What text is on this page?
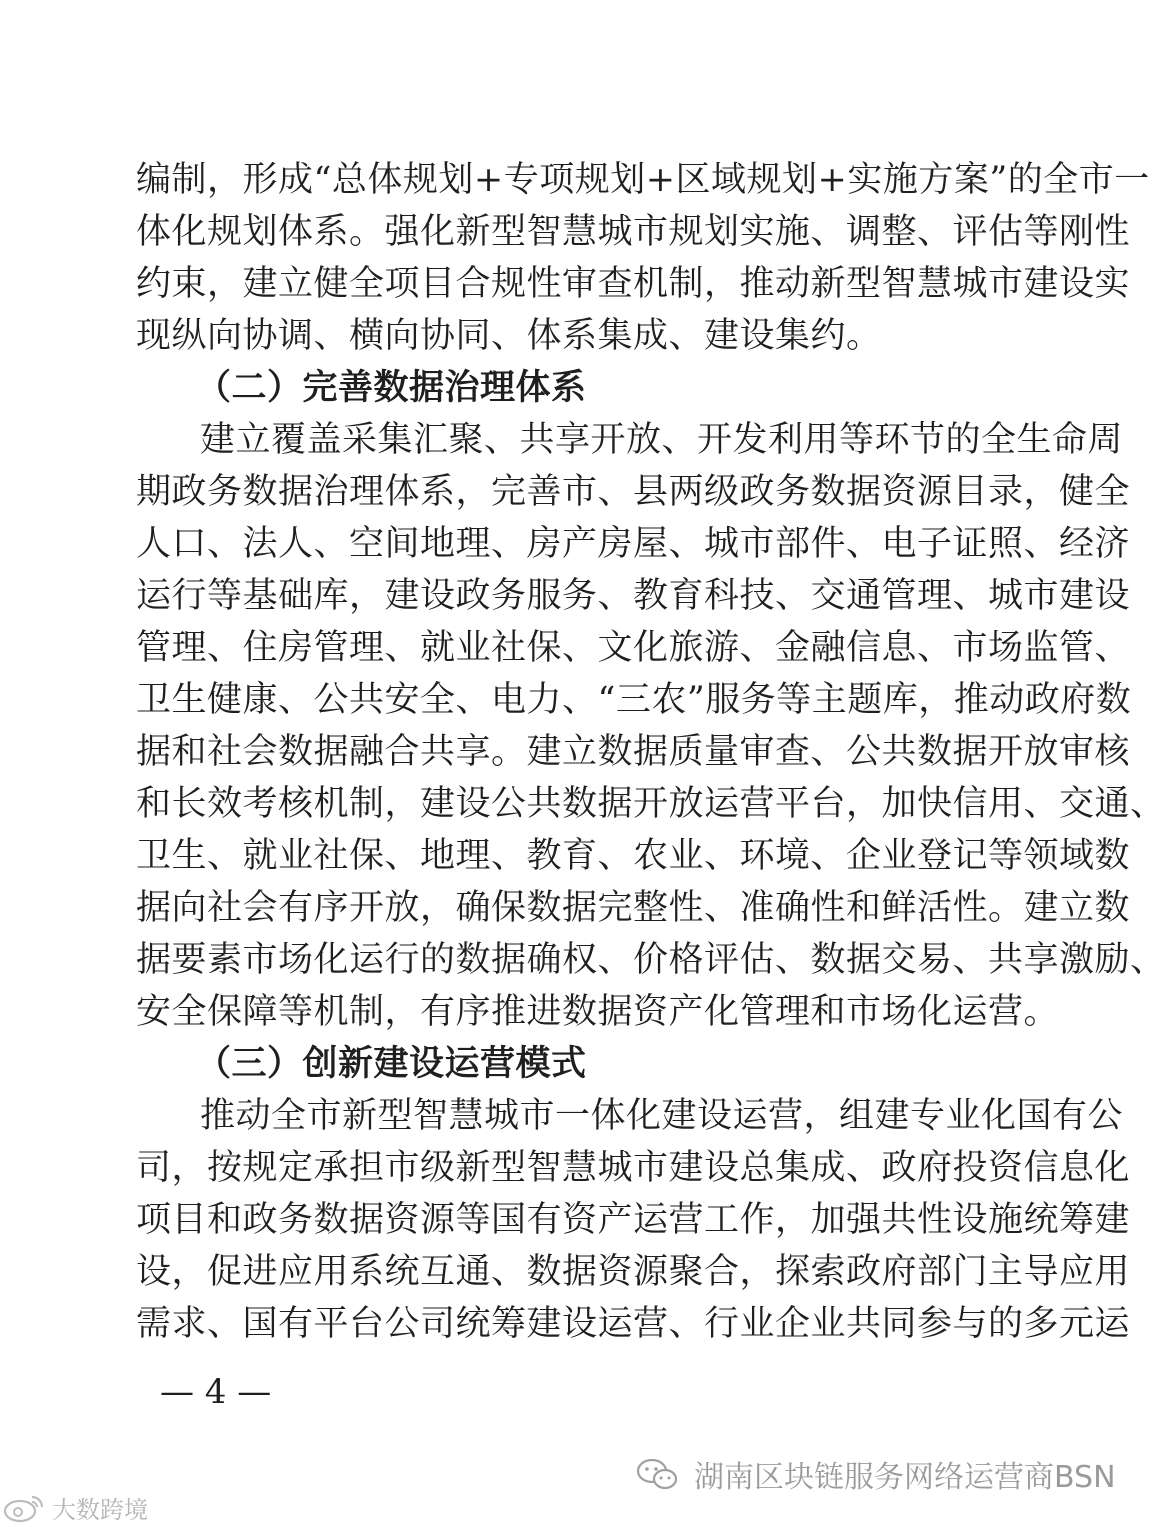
编制，形成“总体规划+专项规划+区域规划+实施方案”的全市一
体化规划体系。强化新型智慧城市规划实施、调整、评估等刚性
约束，建立健全项目合规性审查机制，推动新型智慧城市建设实
现纵向协调、横向协同、体系集成、建设集约。
（二）完善数据治理体系
建立覆盖采集汇聚、共享开放、开发利用等环节的全生命周
期政务数据治理体系，完善市、县两级政务数据资源目录，健全
人口、法人、空间地理、房产房屋、城市部件、电子证照、经济
运行等基础库，建设政务服务、教育科技、交通管理、城市建设
管理、住房管理、就业社保、文化旅游、金融信息、市场监管、
卫生健康、公共安全、电力、“三农”服务等主题库，推动政府数
据和社会数据融合共享。建立数据质量审查、公共数据开放审核
和长效考核机制，建设公共数据开放运营平台，加快信用、交通、
卫生、就业社保、地理、教育、农业、环境、企业登记等领域数
据向社会有序开放，确保数据完整性、准确性和鲜活性。建立数
据要素市场化运行的数据确权、价格评估、数据交易、共享激励、
安全保障等机制，有序推进数据资产化管理和市场化运营。
（三）创新建设运营模式
推动全市新型智慧城市一体化建设运营，组建专业化国有公
司，按规定承担市级新型智慧城市建设总集成、政府投资信息化
项目和政务数据资源等国有资产运营工作，加强共性设施统筹建
设，促进应用系统互通、数据资源聚合，探索政府部门主导应用
需求、国有平台公司统筹建设运营、行业企业共同参与的多元运
— 4 —
湖南区块链服务网络运营商BSN
大数跨境
